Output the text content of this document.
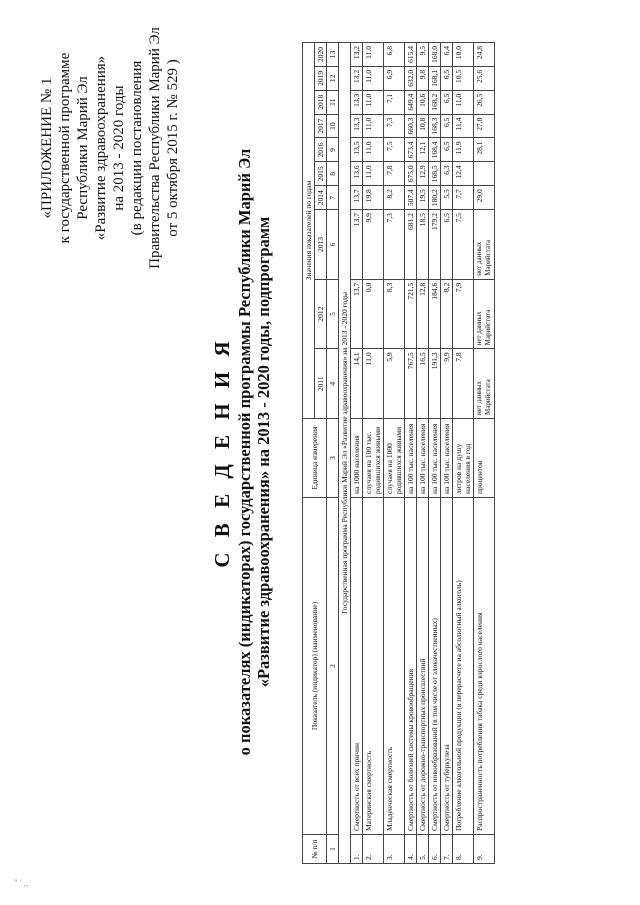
«ПРИЛОЖЕНИЕ № 1 к государственной программе Республики Марий Эл «Развитие здравоохранения» на 2013 - 2020 годы (в редакции постановления Правительства Республики Марий Эл от 5 октября 2015 г. № 529 )
С В Е Д Е Н И Я о показателях (индикаторах) государственной программы Республики Марий Эл «Развитие здравоохранения» на 2013 - 2020 годы, подпрограмм
№ п/п	Показатель (индикатор) (наименование)	Единица измерения	Значения показателей по годам									
			2011	2012	2013	2014	2015	2016	2017	2018	2019	2020
1	2	3	4	5	6	7	8	9	10	11	12	13
Государственная программа Республики Марий Эл «Развитие здравоохранения» на 2013 - 2020 годы												
1.	Смертность от всех причин	на 1000 населения	14,1	13,7	13,7	13,7	13,6	13,5	13,3	13,3	13,2	13,2
2.	Материнская смертность	случаев на 100 тыс. родившихся живыми	11,0	0,0	9,9	19,8	11,0	11,0	11,0	11,0	11,0	11,0
3.	Младенческая смертность	случаев на 1000 родившихся живыми	5,9	8,3	7,3	8,2	7,8	7,5	7,3	7,1	6,9	6,8
4.	Смертность от болезней системы кровообращения	на 100 тыс. населения	767,5	721,5	681,2	507,4	675,0	673,4	660,3	649,4	632,0	615,4
5.	Смертность от дорожно-транспортных происшествий	на 100 тыс. населения	16,5	12,8	18,5	19,5	12,9	12,1	10,8	10,6	9,8	9,5
6.	Смертность от новообразований (в том числе от злокачественных)	на 100 тыс. населения	191,3	184,6	179,2	180,2	168,5	168,4	168,3	168,2	168,1	168,0
7.	Смертность от туберкулеза	на 100 тыс. населения	9,9	8,2	6,5	5,5	6,3	6,5	6,5	6,5	6,5	6,4
8.	Потребление алкогольной продукции (в перерасчете на абсолютный алкоголь)	литров на душу населения в год	7,8	7,9	7,5	7,7	12,4	11,9	11,4	11,0	10,5	10,0
9.	Распространенность потребления табака среди взрослого населения	процентов	нет данных Марийстата	нет данных Марийстата	нет данных Марийстата	29,0		28,1	27,0	26,5	25,6	24,8
" ' ,,
